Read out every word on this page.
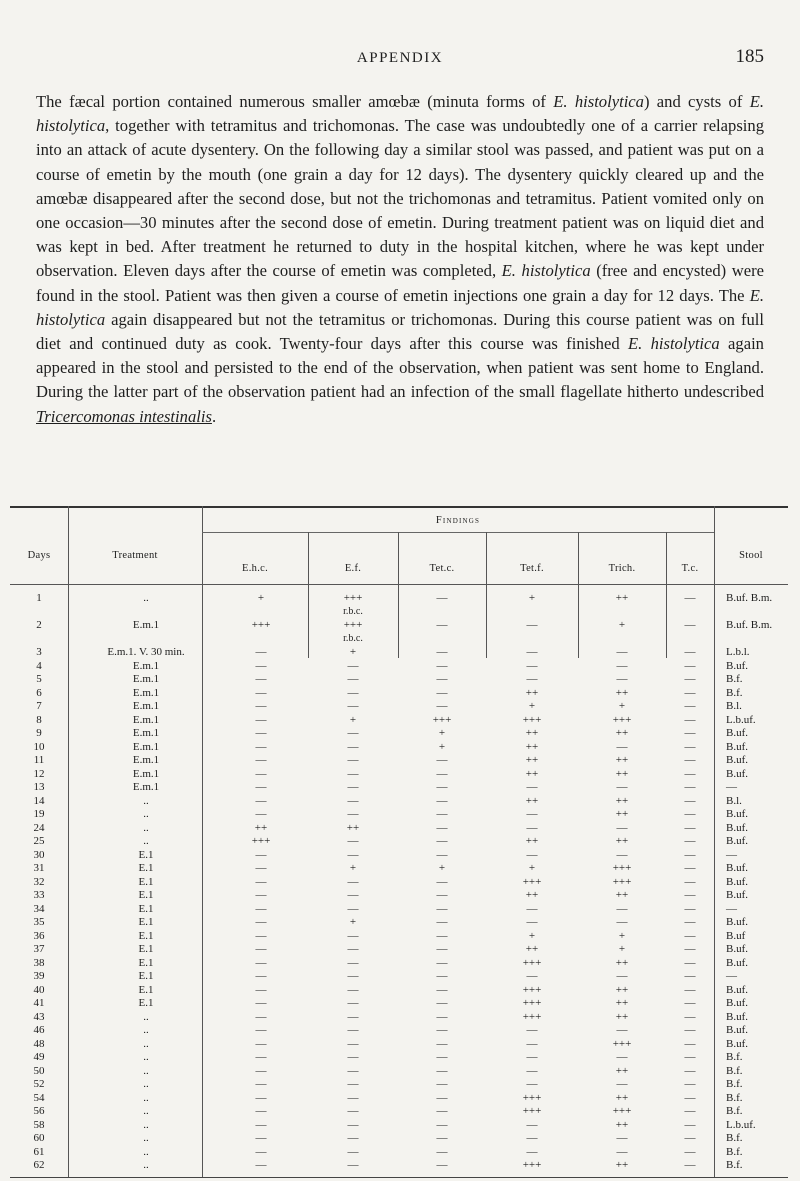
APPENDIX	185
The fæcal portion contained numerous smaller amœbæ (minuta forms of E. histolytica) and cysts of E. histolytica, together with tetramitus and trichomonas. The case was undoubtedly one of a carrier relapsing into an attack of acute dysentery. On the following day a similar stool was passed, and patient was put on a course of emetin by the mouth (one grain a day for 12 days). The dysentery quickly cleared up and the amœbæ disappeared after the second dose, but not the trichomonas and tetramitus. Patient vomited only on one occasion—30 minutes after the second dose of emetin. During treatment patient was on liquid diet and was kept in bed. After treatment he returned to duty in the hospital kitchen, where he was kept under observation. Eleven days after the course of emetin was completed, E. histolytica (free and encysted) were found in the stool. Patient was then given a course of emetin injections one grain a day for 12 days. The E. histolytica again disappeared but not the tetramitus or trichomonas. During this course patient was on full diet and continued duty as cook. Twenty-four days after this course was finished E. histolytica again appeared in the stool and persisted to the end of the observation, when patient was sent home to England. During the latter part of the observation patient had an infection of the small flagellate hitherto undescribed Tricercomonas intestinalis.
Days	Treatment
Findings
Stool
E.h.c.	E.f.	Tet.c.	Tet.f.	Trich.	T.c.
1	..	+	+++	—	+	++	—	B.uf. B.m.
r.b.c.
2	E.m.1	+++	+++	—	—	+	—	B.uf. B.m.
r.b.c.
3	E.m.1. V. 30 min.	—	+	—	—	—	—	L.b.l.
4	E.m.1	—	—	—	—	—	—	B.uf.
5	E.m.1	—	—	—	—	—	—	B.f.
6	E.m.1	—	—	—	++	++	—	B.f.
7	E.m.1	—	—	—	+	+	—	B.l.
8	E.m.1	—	+	+++	+++	+++	—	L.b.uf.
9	E.m.1	—	—	+	++	++	—	B.uf.
10	E.m.1	—	—	+	++	—	—	B.uf.
11	E.m.1	—	—	—	++	++	—	B.uf.
12	E.m.1	—	—	—	++	++	—	B.uf.
13	E.m.1	—	—	—	—	—	—	—
14	..	—	—	—	++	++	—	B.l.
19	..	—	—	—	—	++	—	B.uf.
24	..	++	++	—	—	—	—	B.uf.
25	..	+++	—	—	++	++	—	B.uf.
30	E.1	—	—	—	—	—	—	—
31	E.1	—	+	+	+	+++	—	B.uf.
32	E.1	—	—	—	+++	+++	—	B.uf.
33	E.1	—	—	—	++	++	—	B.uf.
34	E.1	—	—	—	—	—	—	—
35	E.1	—	+	—	—	—	—	B.uf.
36	E.1	—	—	—	+	+	—	B.uf
37	E.1	—	—	—	++	+	—	B.uf.
38	E.1	—	—	—	+++	++	—	B.uf.
39	E.1	—	—	—	—	—	—	—
40	E.1	—	—	—	+++	++	—	B.uf.
41	E.1	—	—	—	+++	++	—	B.uf.
43	..	—	—	—	+++	++	—	B.uf.
46	..	—	—	—	—	—	—	B.uf.
48	..	—	—	—	—	+++	—	B.uf.
49	..	—	—	—	—	—	—	B.f.
50	..	—	—	—	—	++	—	B.f.
52	..	—	—	—	—	—	—	B.f.
54	..	—	—	—	+++	++	—	B.f.
56	..	—	—	—	+++	+++	—	B.f.
58	..	—	—	—	—	++	—	L.b.uf.
60	..	—	—	—	—	—	—	B.f.
61	..	—	—	—	—	—	—	B.f.
62	..	—	—	—	+++	++	—	B.f.
